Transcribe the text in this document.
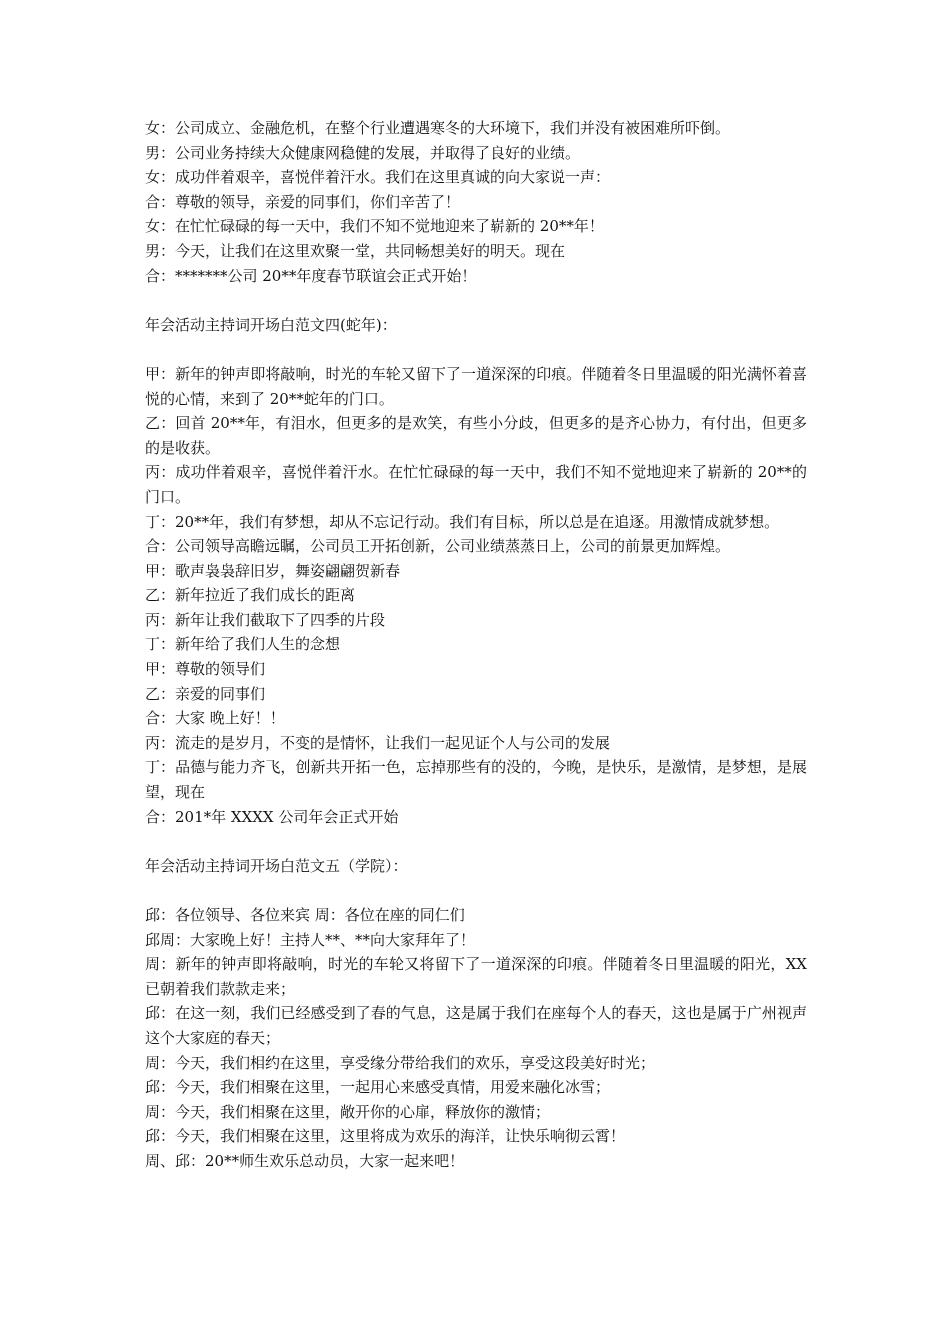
女：公司成立、金融危机，在整个行业遭遇寒冬的大环境下，我们并没有被困难所吓倒。

男：公司业务持续大众健康网稳健的发展，并取得了良好的业绩。

女：成功伴着艰辛，喜悦伴着汗水。我们在这里真诚的向大家说一声：

合：尊敬的领导，亲爱的同事们，你们辛苦了！

女：在忙忙碌碌的每一天中，我们不知不觉地迎来了崭新的 20**年！

男：今天，让我们在这里欢聚一堂，共同畅想美好的明天。现在

合：*******公司 20**年度春节联谊会正式开始！

年会活动主持词开场白范文四(蛇年)：

甲：新年的钟声即将敲响，时光的车轮又留下了一道深深的印痕。伴随着冬日里温暖的阳光满怀着喜悦的心情，来到了 20**蛇年的门口。

乙：回首 20**年，有泪水，但更多的是欢笑，有些小分歧，但更多的是齐心协力，有付出，但更多的是收获。

丙：成功伴着艰辛，喜悦伴着汗水。在忙忙碌碌的每一天中，我们不知不觉地迎来了崭新的 20**的门口。

丁：20**年，我们有梦想，却从不忘记行动。我们有目标，所以总是在追逐。用激情成就梦想。

合：公司领导高瞻远瞩，公司员工开拓创新，公司业绩蒸蒸日上，公司的前景更加辉煌。

甲：歌声袅袅辞旧岁，舞姿翩翩贺新春

乙：新年拉近了我们成长的距离

丙：新年让我们截取下了四季的片段

丁：新年给了我们人生的念想

甲：尊敬的领导们

乙：亲爱的同事们

合：大家 晚上好！！

丙：流走的是岁月，不变的是情怀，让我们一起见证个人与公司的发展

丁：品德与能力齐飞，创新共开拓一色，忘掉那些有的没的，今晚，是快乐，是激情，是梦想，是展望，现在

合：201*年 XXXX 公司年会正式开始

年会活动主持词开场白范文五（学院）：

邱：各位领导、各位来宾 周：各位在座的同仁们

邱周：大家晚上好！主持人**、**向大家拜年了！

周：新年的钟声即将敲响，时光的车轮又将留下了一道深深的印痕。伴随着冬日里温暖的阳光，XX 已朝着我们款款走来；

邱：在这一刻，我们已经感受到了春的气息，这是属于我们在座每个人的春天，这也是属于广州视声这个大家庭的春天；

周：今天，我们相约在这里，享受缘分带给我们的欢乐，享受这段美好时光；

邱：今天，我们相聚在这里，一起用心来感受真情，用爱来融化冰雪；

周：今天，我们相聚在这里，敞开你的心扉，释放你的激情；

邱：今天，我们相聚在这里，这里将成为欢乐的海洋，让快乐响彻云霄！

周、邱：20**师生欢乐总动员，大家一起来吧！
